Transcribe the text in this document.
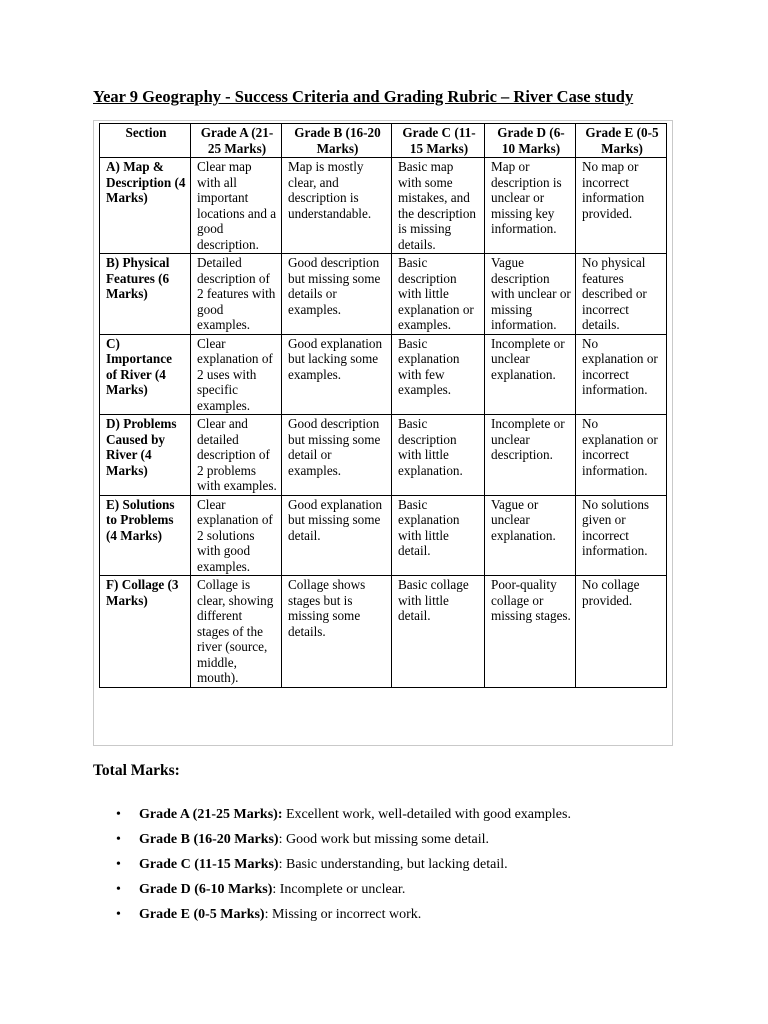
Year 9 Geography - Success Criteria and Grading Rubric – River Case study
Section	Grade A (21-25 Marks)	Grade B (16-20 Marks)	Grade C (11-15 Marks)	Grade D (6-10 Marks)	Grade E (0-5 Marks)
A) Map & Description (4 Marks)	Clear map with all important locations and a good description.	Map is mostly clear, and description is understandable.	Basic map with some mistakes, and the description is missing details.	Map or description is unclear or missing key information.	No map or incorrect information provided.
B) Physical Features (6 Marks)	Detailed description of 2 features with good examples.	Good description but missing some details or examples.	Basic description with little explanation or examples.	Vague description with unclear or missing information.	No physical features described or incorrect details.
C) Importance of River (4 Marks)	Clear explanation of 2 uses with specific examples.	Good explanation but lacking some examples.	Basic explanation with few examples.	Incomplete or unclear explanation.	No explanation or incorrect information.
D) Problems Caused by River (4 Marks)	Clear and detailed description of 2 problems with examples.	Good description but missing some detail or examples.	Basic description with little explanation.	Incomplete or unclear description.	No explanation or incorrect information.
E) Solutions to Problems (4 Marks)	Clear explanation of 2 solutions with good examples.	Good explanation but missing some detail.	Basic explanation with little detail.	Vague or unclear explanation.	No solutions given or incorrect information.
F) Collage (3 Marks)	Collage is clear, showing different stages of the river (source, middle, mouth).	Collage shows stages but is missing some details.	Basic collage with little detail.	Poor-quality collage or missing stages.	No collage provided.
Total Marks:
• Grade A (21-25 Marks): Excellent work, well-detailed with good examples.
• Grade B (16-20 Marks): Good work but missing some detail.
• Grade C (11-15 Marks): Basic understanding, but lacking detail.
• Grade D (6-10 Marks): Incomplete or unclear.
• Grade E (0-5 Marks): Missing or incorrect work.
